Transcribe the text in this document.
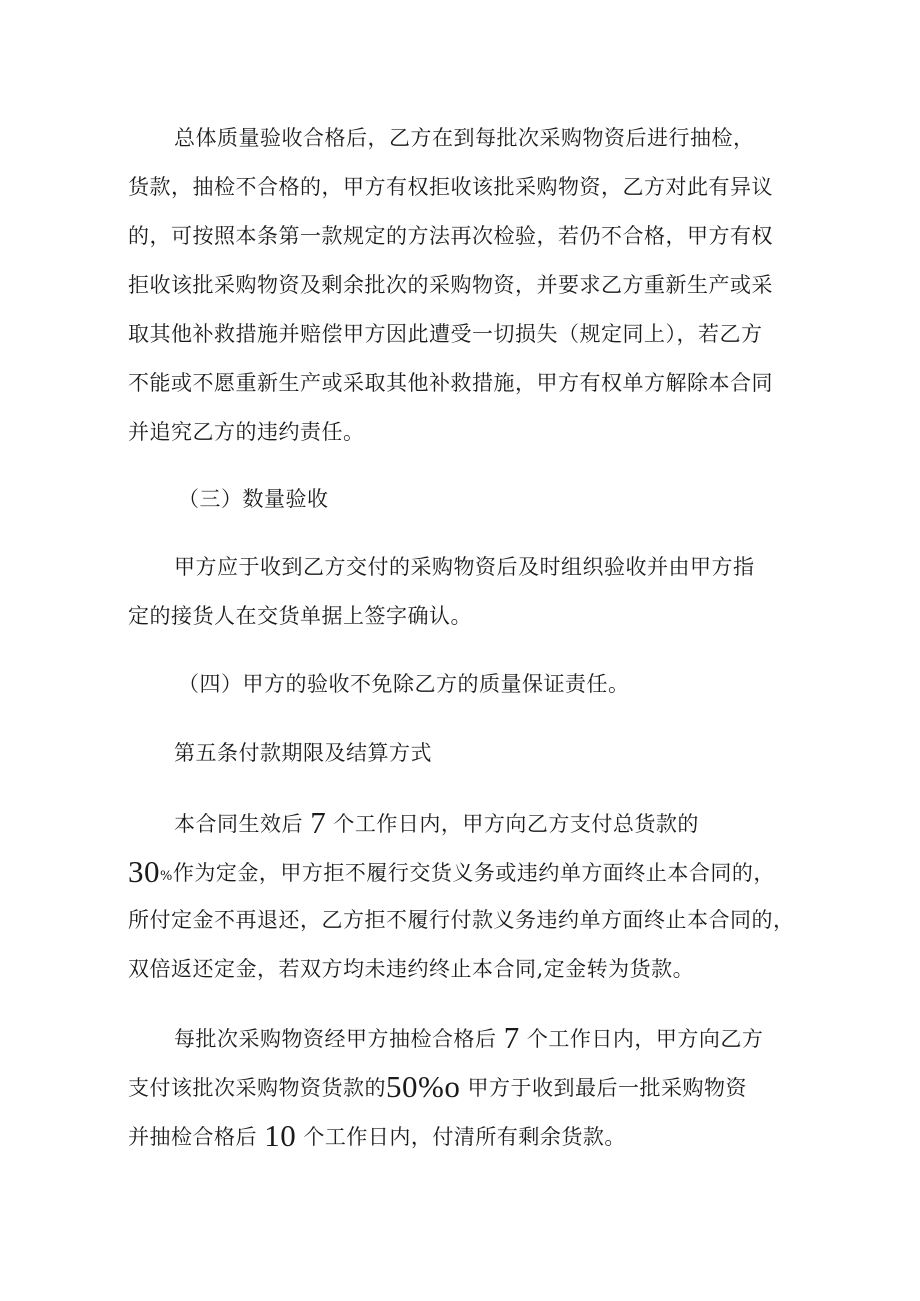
总体质量验收合格后，乙方在到每批次采购物资后进行抽检，
货款，抽检不合格的，甲方有权拒收该批采购物资，乙方对此有异议
的，可按照本条第一款规定的方法再次检验，若仍不合格，甲方有权
拒收该批采购物资及剩余批次的采购物资，并要求乙方重新生产或采
取其他补救措施并赔偿甲方因此遭受一切损失（规定同上），若乙方
不能或不愿重新生产或采取其他补救措施，甲方有权单方解除本合同
并追究乙方的违约责任。
（三）数量验收
甲方应于收到乙方交付的采购物资后及时组织验收并由甲方指
定的接货人在交货单据上签字确认。
（四）甲方的验收不免除乙方的质量保证责任。
第五条付款期限及结算方式
本合同生效后 7 个工作日内，甲方向乙方支付总货款的
30%作为定金，甲方拒不履行交货义务或违约单方面终止本合同的，
所付定金不再退还，乙方拒不履行付款义务违约单方面终止本合同的，
双倍返还定金，若双方均未违约终止本合同,定金转为货款。
每批次采购物资经甲方抽检合格后 7 个工作日内，甲方向乙方
支付该批次采购物资货款的50%o 甲方于收到最后一批采购物资
并抽检合格后 10 个工作日内，付清所有剩余货款。
